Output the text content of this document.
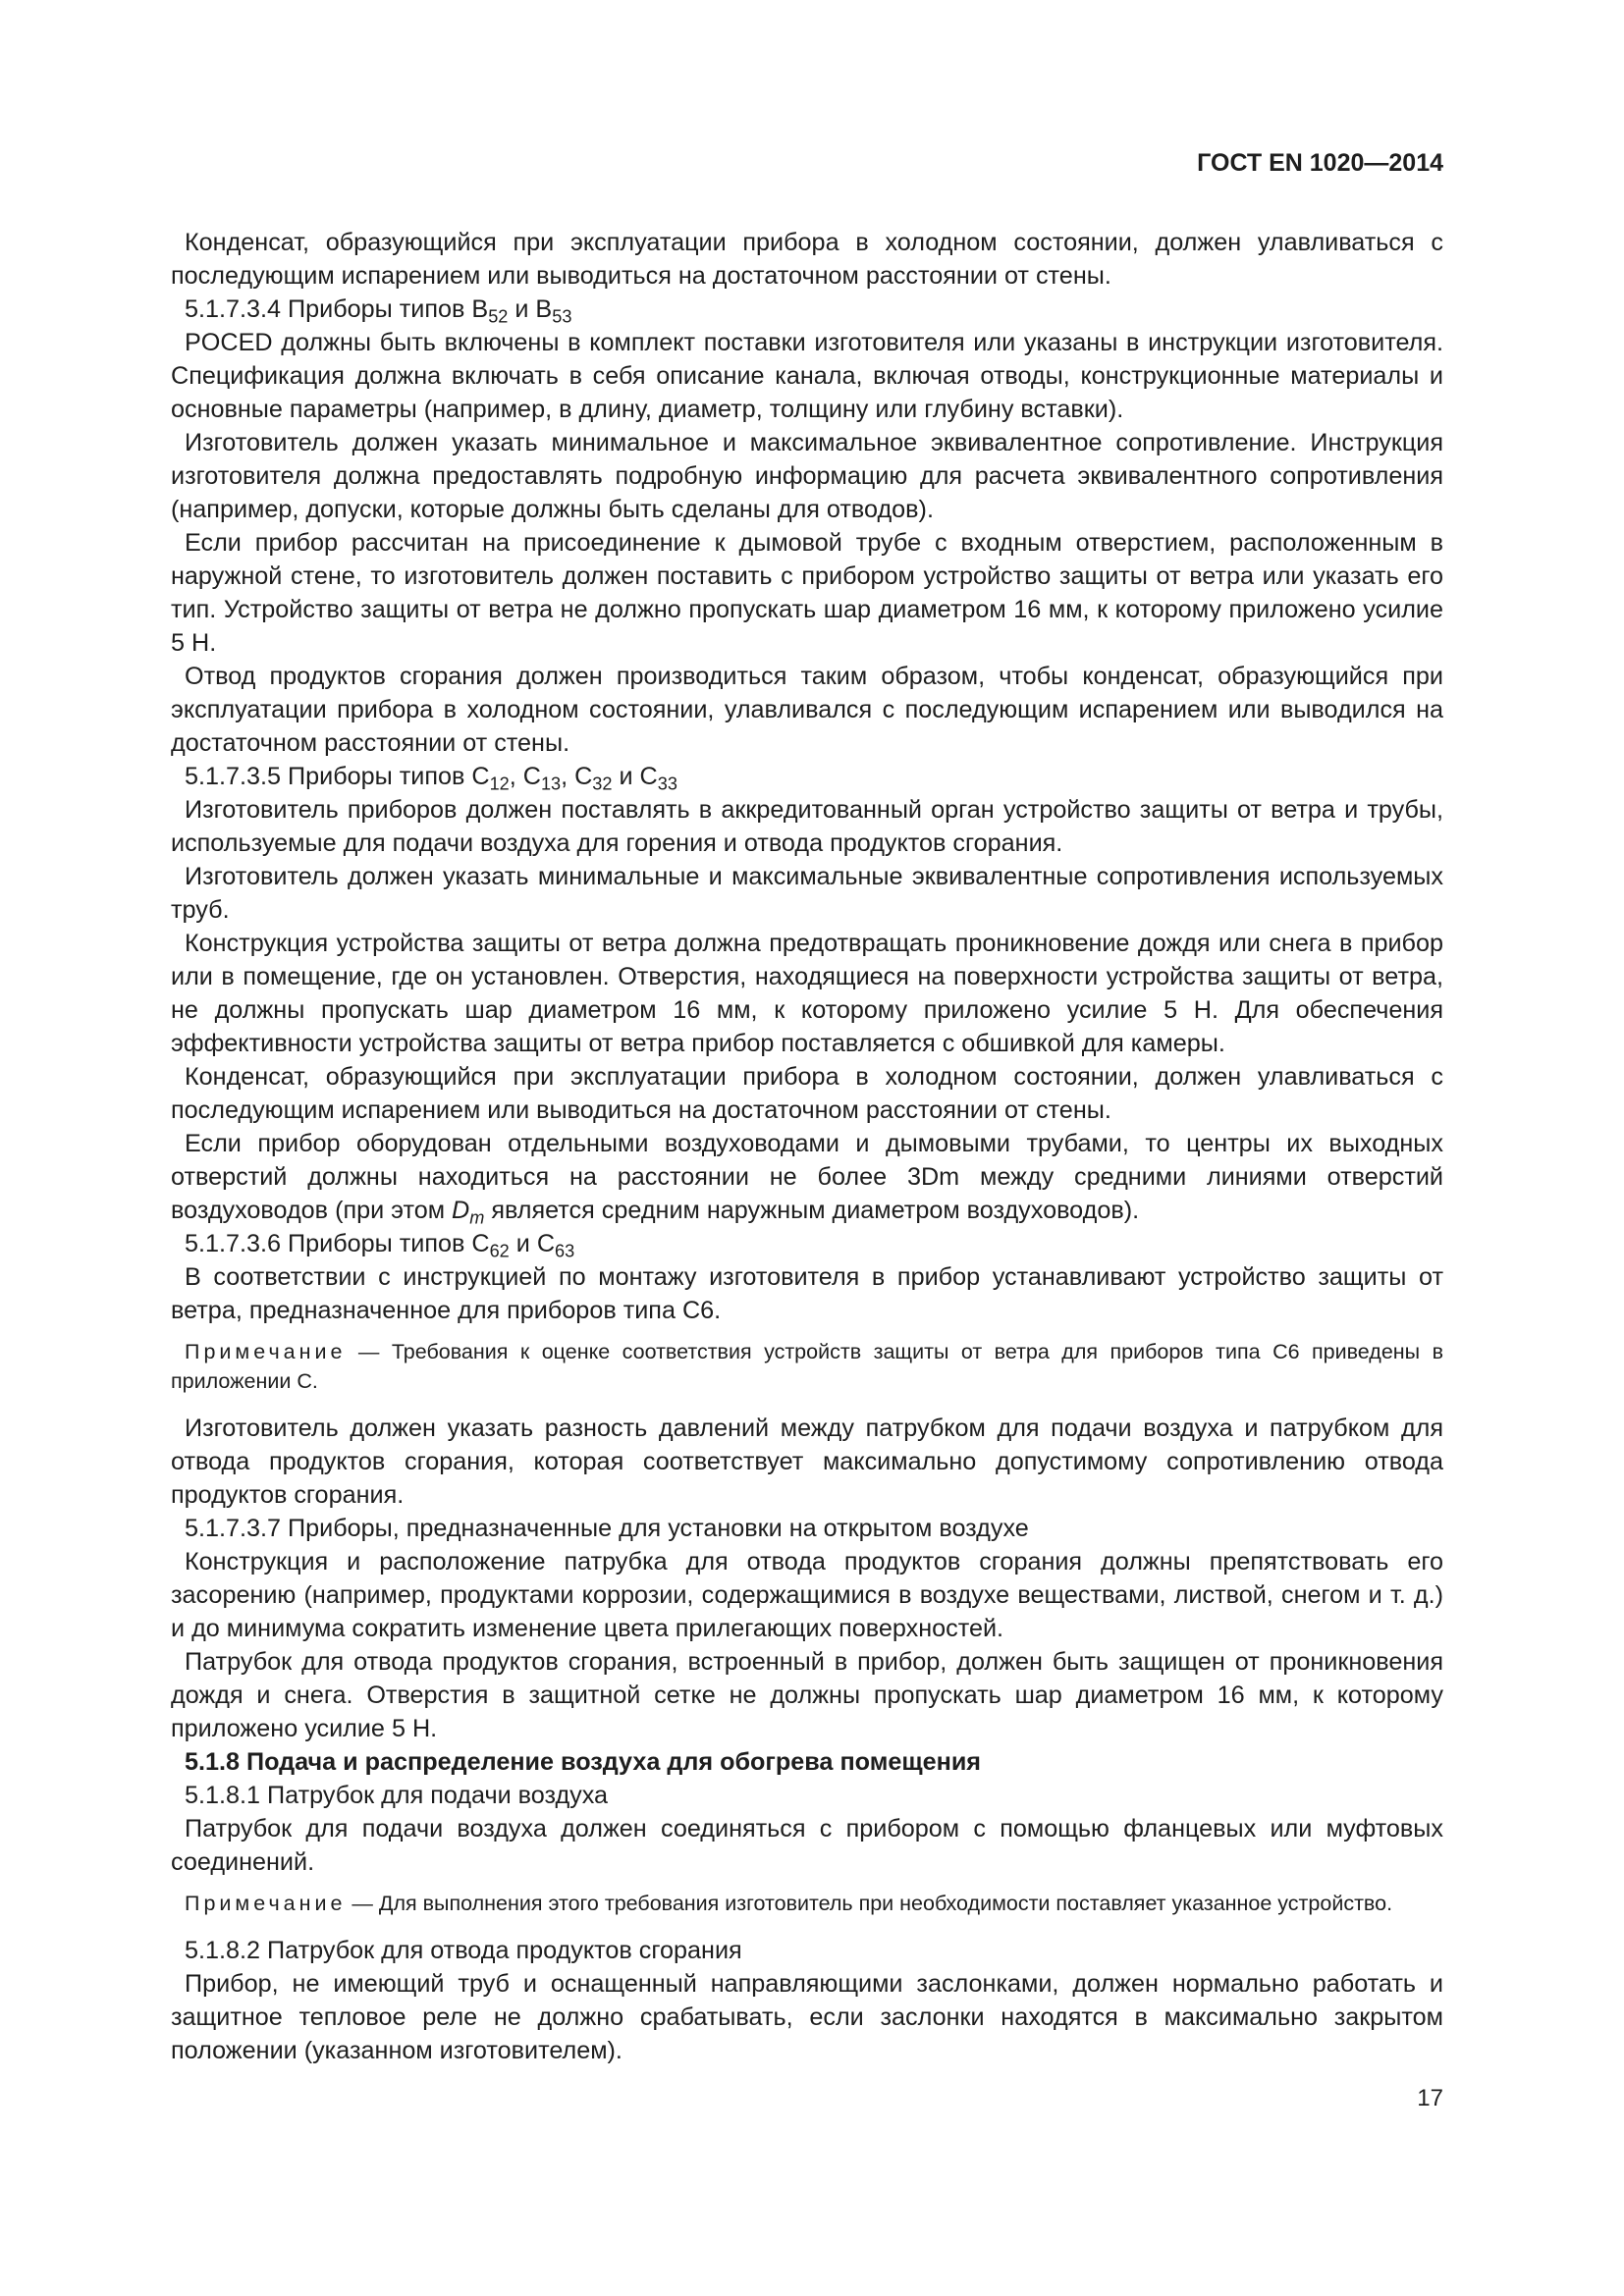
ГОСТ EN 1020—2014

Конденсат, образующийся при эксплуатации прибора в холодном состоянии, должен улавливаться с последующим испарением или выводиться на достаточном расстоянии от стены.

5.1.7.3.4 Приборы типов $B_{52}$ и $B_{53}$

POCED должны быть включены в комплект поставки изготовителя или указаны в инструкции изготовителя. Спецификация должна включать в себя описание канала, включая отводы, конструкционные материалы и основные параметры (например, в длину, диаметр, толщину или глубину вставки).

Изготовитель должен указать минимальное и максимальное эквивалентное сопротивление. Инструкция изготовителя должна предоставлять подробную информацию для расчета эквивалентного сопротивления (например, допуски, которые должны быть сделаны для отводов).

Если прибор рассчитан на присоединение к дымовой трубе с входным отверстием, расположенным в наружной стене, то изготовитель должен поставить с прибором устройство защиты от ветра или указать его тип. Устройство защиты от ветра не должно пропускать шар диаметром 16 мм, к которому приложено усилие 5 Н.

Отвод продуктов сгорания должен производиться таким образом, чтобы конденсат, образующийся при эксплуатации прибора в холодном состоянии, улавливался с последующим испарением или выводился на достаточном расстоянии от стены.

5.1.7.3.5 Приборы типов $C_{12}$, $C_{13}$, $C_{32}$ и $C_{33}$

Изготовитель приборов должен поставлять в аккредитованный орган устройство защиты от ветра и трубы, используемые для подачи воздуха для горения и отвода продуктов сгорания.

Изготовитель должен указать минимальные и максимальные эквивалентные сопротивления используемых труб.

Конструкция устройства защиты от ветра должна предотвращать проникновение дождя или снега в прибор или в помещение, где он установлен. Отверстия, находящиеся на поверхности устройства защиты от ветра, не должны пропускать шар диаметром 16 мм, к которому приложено усилие 5 Н. Для обеспечения эффективности устройства защиты от ветра прибор поставляется с обшивкой для камеры.

Конденсат, образующийся при эксплуатации прибора в холодном состоянии, должен улавливаться с последующим испарением или выводиться на достаточном расстоянии от стены.

Если прибор оборудован отдельными воздуховодами и дымовыми трубами, то центры их выходных отверстий должны находиться на расстоянии не более 3Dm между средними линиями отверстий воздуховодов (при этом $D_m$ является средним наружным диаметром воздуховодов).

5.1.7.3.6 Приборы типов $C_{62}$ и $C_{63}$

В соответствии с инструкцией по монтажу изготовителя в прибор устанавливают устройство защиты от ветра, предназначенное для приборов типа C6.

Примечание — Требования к оценке соответствия устройств защиты от ветра для приборов типа С6 приведены в приложении С.

Изготовитель должен указать разность давлений между патрубком для подачи воздуха и патрубком для отвода продуктов сгорания, которая соответствует максимально допустимому сопротивлению отвода продуктов сгорания.

5.1.7.3.7 Приборы, предназначенные для установки на открытом воздухе

Конструкция и расположение патрубка для отвода продуктов сгорания должны препятствовать его засорению (например, продуктами коррозии, содержащимися в воздухе веществами, листвой, снегом и т. д.) и до минимума сократить изменение цвета прилегающих поверхностей.

Патрубок для отвода продуктов сгорания, встроенный в прибор, должен быть защищен от проникновения дождя и снега. Отверстия в защитной сетке не должны пропускать шар диаметром 16 мм, к которому приложено усилие 5 Н.

5.1.8 Подача и распределение воздуха для обогрева помещения

5.1.8.1 Патрубок для подачи воздуха

Патрубок для подачи воздуха должен соединяться с прибором с помощью фланцевых или муфтовых соединений.

Примечание — Для выполнения этого требования изготовитель при необходимости поставляет указанное устройство.

5.1.8.2 Патрубок для отвода продуктов сгорания

Прибор, не имеющий труб и оснащенный направляющими заслонками, должен нормально работать и защитное тепловое реле не должно срабатывать, если заслонки находятся в максимально закрытом положении (указанном изготовителем).

17
